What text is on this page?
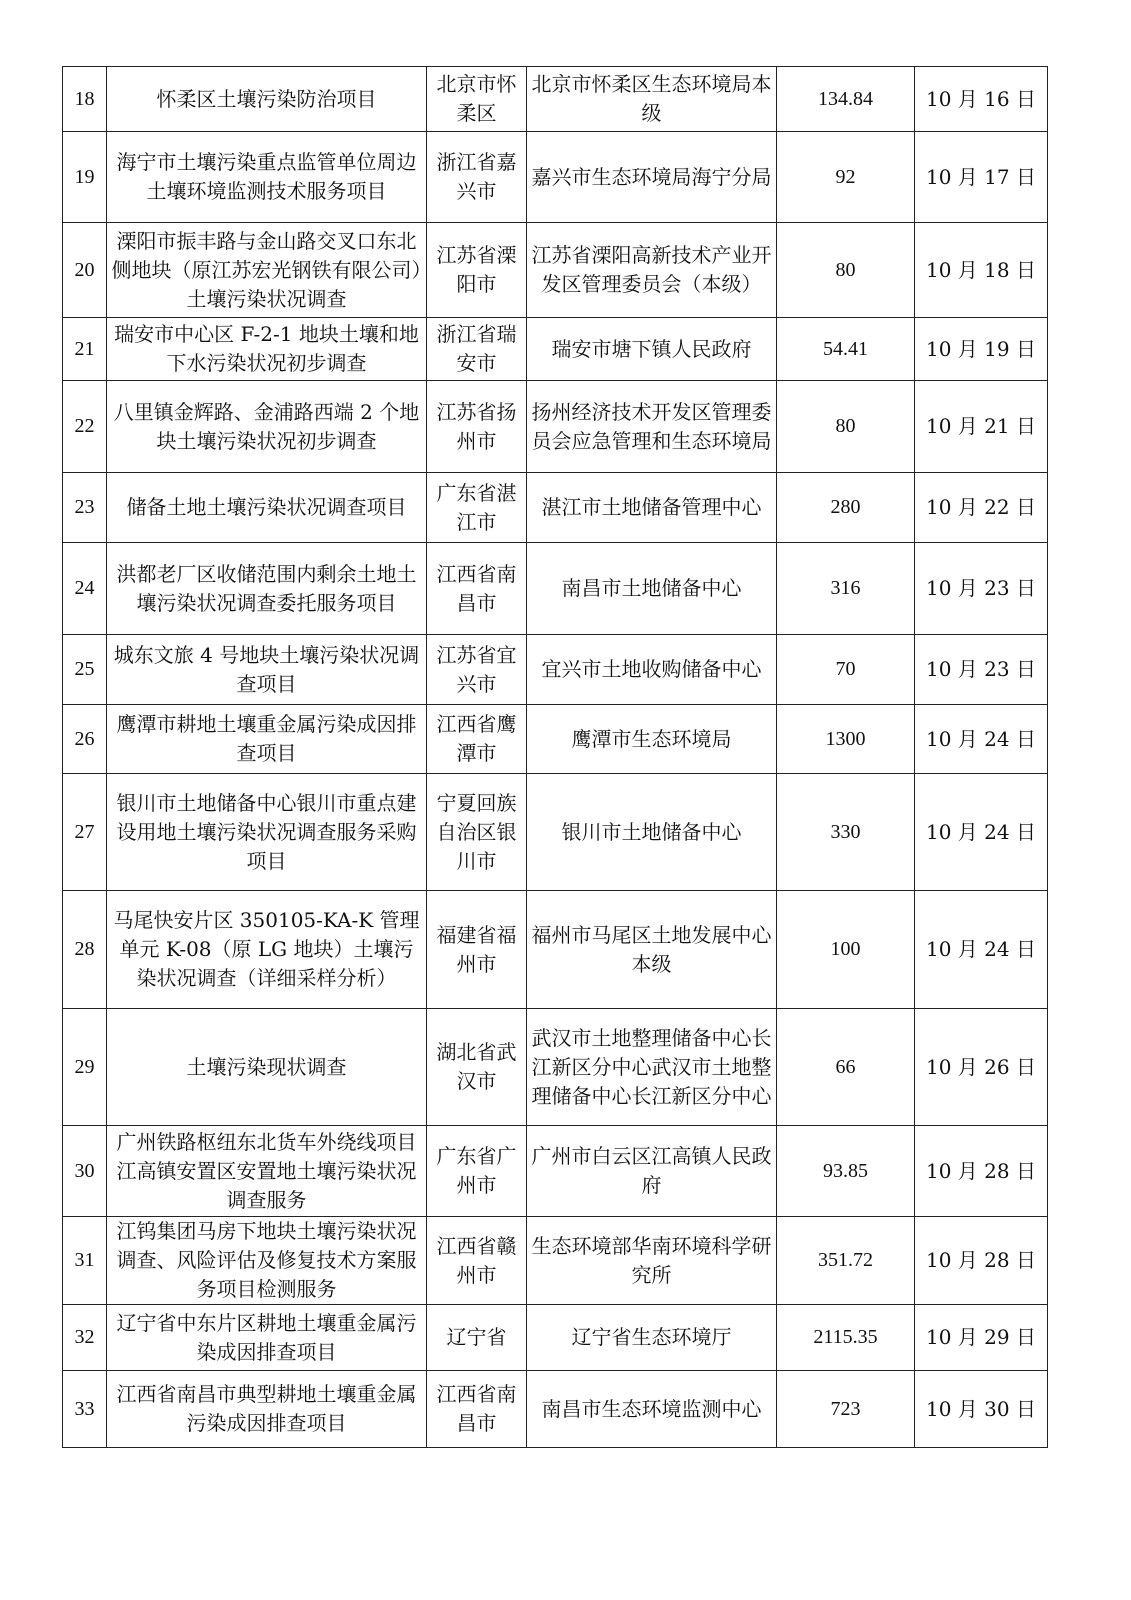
18	怀柔区土壤污染防治项目	北京市怀柔区	北京市怀柔区生态环境局本级	134.84	10 月 16 日
19	海宁市土壤污染重点监管单位周边土壤环境监测技术服务项目	浙江省嘉兴市	嘉兴市生态环境局海宁分局	92	10 月 17 日
20	溧阳市振丰路与金山路交叉口东北侧地块（原江苏宏光钢铁有限公司）土壤污染状况调查	江苏省溧阳市	江苏省溧阳高新技术产业开发区管理委员会（本级）	80	10 月 18 日
21	瑞安市中心区 F-2-1 地块土壤和地下水污染状况初步调查	浙江省瑞安市	瑞安市塘下镇人民政府	54.41	10 月 19 日
22	八里镇金辉路、金浦路西端 2 个地块土壤污染状况初步调查	江苏省扬州市	扬州经济技术开发区管理委员会应急管理和生态环境局	80	10 月 21 日
23	储备土地土壤污染状况调查项目	广东省湛江市	湛江市土地储备管理中心	280	10 月 22 日
24	洪都老厂区收储范围内剩余土地土壤污染状况调查委托服务项目	江西省南昌市	南昌市土地储备中心	316	10 月 23 日
25	城东文旅 4 号地块土壤污染状况调查项目	江苏省宜兴市	宜兴市土地收购储备中心	70	10 月 23 日
26	鹰潭市耕地土壤重金属污染成因排查项目	江西省鹰潭市	鹰潭市生态环境局	1300	10 月 24 日
27	银川市土地储备中心银川市重点建设用地土壤污染状况调查服务采购项目	宁夏回族自治区银川市	银川市土地储备中心	330	10 月 24 日
28	马尾快安片区 350105-KA-K 管理单元 K-08（原 LG 地块）土壤污染状况调查（详细采样分析）	福建省福州市	福州市马尾区土地发展中心本级	100	10 月 24 日
29	土壤污染现状调查	湖北省武汉市	武汉市土地整理储备中心长江新区分中心武汉市土地整理储备中心长江新区分中心	66	10 月 26 日
30	广州铁路枢纽东北货车外绕线项目江高镇安置区安置地土壤污染状况调查服务	广东省广州市	广州市白云区江高镇人民政府	93.85	10 月 28 日
31	江钨集团马房下地块土壤污染状况调查、风险评估及修复技术方案服务项目检测服务	江西省赣州市	生态环境部华南环境科学研究所	351.72	10 月 28 日
32	辽宁省中东片区耕地土壤重金属污染成因排查项目	辽宁省	辽宁省生态环境厅	2115.35	10 月 29 日
33	江西省南昌市典型耕地土壤重金属污染成因排查项目	江西省南昌市	南昌市生态环境监测中心	723	10 月 30 日
